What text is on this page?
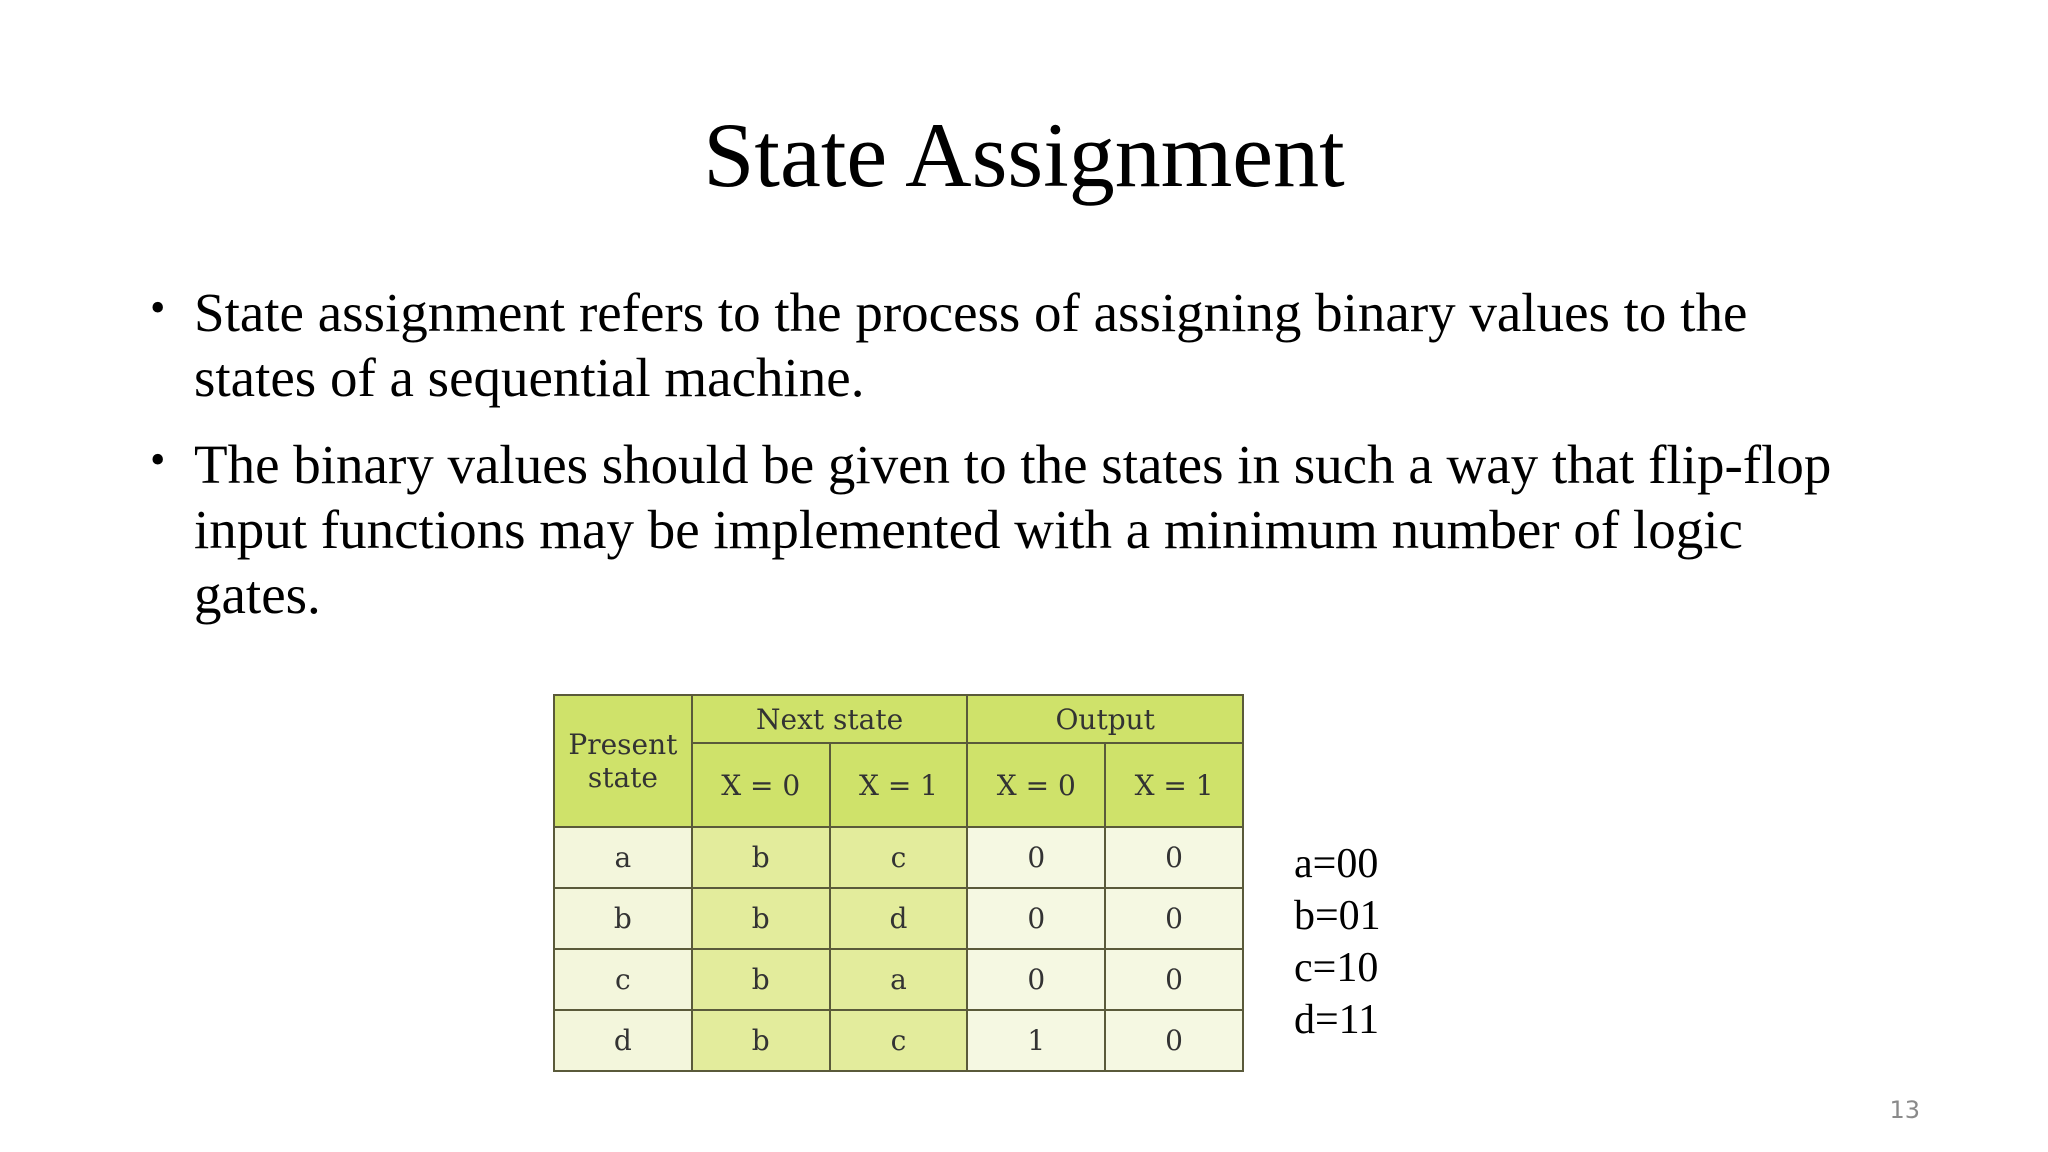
State Assignment
• State assignment refers to the process of assigning binary values to the states of a sequential machine.
• The binary values should be given to the states in such a way that flip-flop input functions may be implemented with a minimum number of logic gates.
Present state	Next state		Output	
	X = 0	X = 1	X = 0	X = 1
a	b	c	0	0
b	b	d	0	0
c	b	a	0	0
d	b	c	1	0
a=00
b=01
c=10
d=11
13
